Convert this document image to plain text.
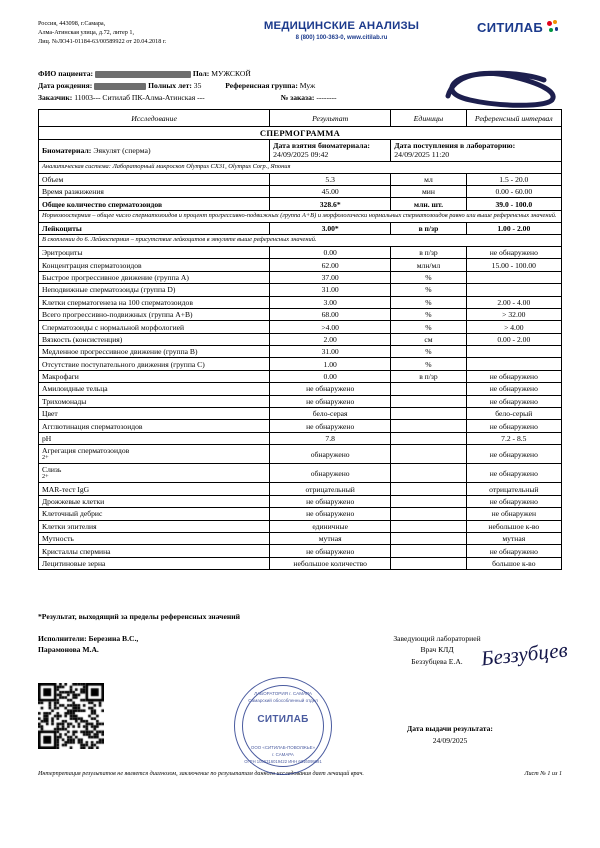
Россия, 443098, г.Самара,
Алма-Атинская улица, д.72, литер 1,
Лиц. №ЛО41-01184-63/00589922 от 20.04.2018 г.
МЕДИЦИНСКИЕ АНАЛИЗЫ
8 (800) 100-363-0, www.citilab.ru
СИТИЛАБ
ФИО пациента:	Пол: МУЖСКОЙ
Дата рождения:	Полных лет: 35	Референсная группа: Муж
Заказчик: 11003--- Ситилаб ПК-Алма-Атинская ---	№ заказа: --------
Исследование	Результат	Единицы	Референсный интервал
СПЕРМОГРАММА			
Биоматериал: Эякулят (сперма)	Дата взятия биоматериала:
24/09/2025 09:42	Дата поступления в лабораторию:
24/09/2025 11:20	
Аналитическая система: Лабораторный микроскоп Olympus CX31, Olympus Corp., Япония			
Объем	5.3	мл	1.5 - 20.0
Время разжижения	45.00	мин	0.00 - 60.00
Общее количество сперматозоидов	328.6*	млн. шт.	39.0 - 100.0
Нормозооспермия – общее число сперматозоидов и процент прогрессивно-подвижных (группа A+B) и морфологически нормальных сперматозоидов равно или выше референсных значений.			
Лейкоциты	3.00*	в п/зр	1.00 - 2.00
В скоплении до 6. Лейкоспермия – присутствие лейкоцитов в эякуляте выше референсных значений.			
Эритроциты	0.00	в п/зр	не обнаружено
Концентрация сперматозоидов	62.00	млн/мл	15.00 - 100.00
Быстрое прогрессивное движение (группа A)	37.00	%	
Неподвижные сперматозоиды (группа D)	31.00	%	
Клетки сперматогенеза на 100 сперматозоидов	3.00	%	2.00 - 4.00
Всего прогрессивно-подвижных (группа A+B)	68.00	%	> 32.00
Сперматозоиды с нормальной морфологией	>4.00	%	> 4.00
Вязкость (консистенция)	2.00	см	0.00 - 2.00
Медленное прогрессивное движение (группа B)	31.00	%	
Отсутствие поступательного движения (группа C)	1.00	%	
Макрофаги	0.00	в п/зр	не обнаружено
Амилоидные тельца	не обнаружено		не обнаружено
Трихомонады	не обнаружено		не обнаружено
Цвет	бело-серая		бело-серый
Агглютинация сперматозоидов	не обнаружено		не обнаружено
pH	7.8		7.2 - 8.5
Агрегация сперматозоидов
2+	обнаружено		не обнаружено
Слизь
2+	обнаружено		не обнаружено
MAR-тест IgG	отрицательный		отрицательный
Дрожжевые клетки	не обнаружено		не обнаружено
Клеточный дебрис	не обнаружено		не обнаружен
Клетки эпителия	единичные		небольшое к-во
Мутность	мутная		мутная
Кристаллы спермина	не обнаружено		не обнаружено
Лецитиновые зерна	небольшое количество		большое к-во
*Результат, выходящий за пределы референсных значений
Исполнители: Березина В.С.,
Парамонова М.А.
Заведующий лабораторией
Врач КЛД
Беззубцева Е.А. Беззубцев
ЛАБОРАТОРИЯ г. САМАРА
Самарский обособленный отдел
СИТИЛАБ
ООО «СИТИЛАБ-ПОВОЛЖЬЕ»
г. САМАРА
ОГРН 1056316019422 ИНН 6316099891
Дата выдачи результата:
24/09/2025
Интерпретация результатов не является диагнозом, заключение по результатам данного исследования дает лечащий врач.	Лист № 1 из 1
